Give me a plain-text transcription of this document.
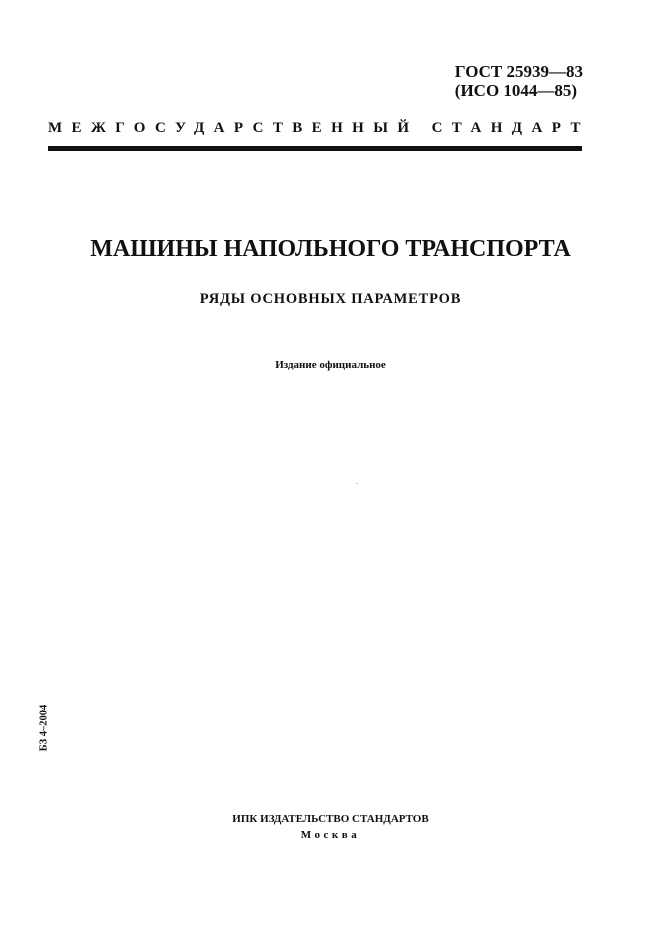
ГОСТ 25939—83
(ИСО 1044—85)
МЕЖГОСУДАРСТВЕННЫЙ СТАНДАРТ
МАШИНЫ НАПОЛЬНОГО ТРАНСПОРТА
РЯДЫ ОСНОВНЫХ ПАРАМЕТРОВ
Издание официальное
БЗ 4–2004
ИПК ИЗДАТЕЛЬСТВО СТАНДАРТОВ
Москва
